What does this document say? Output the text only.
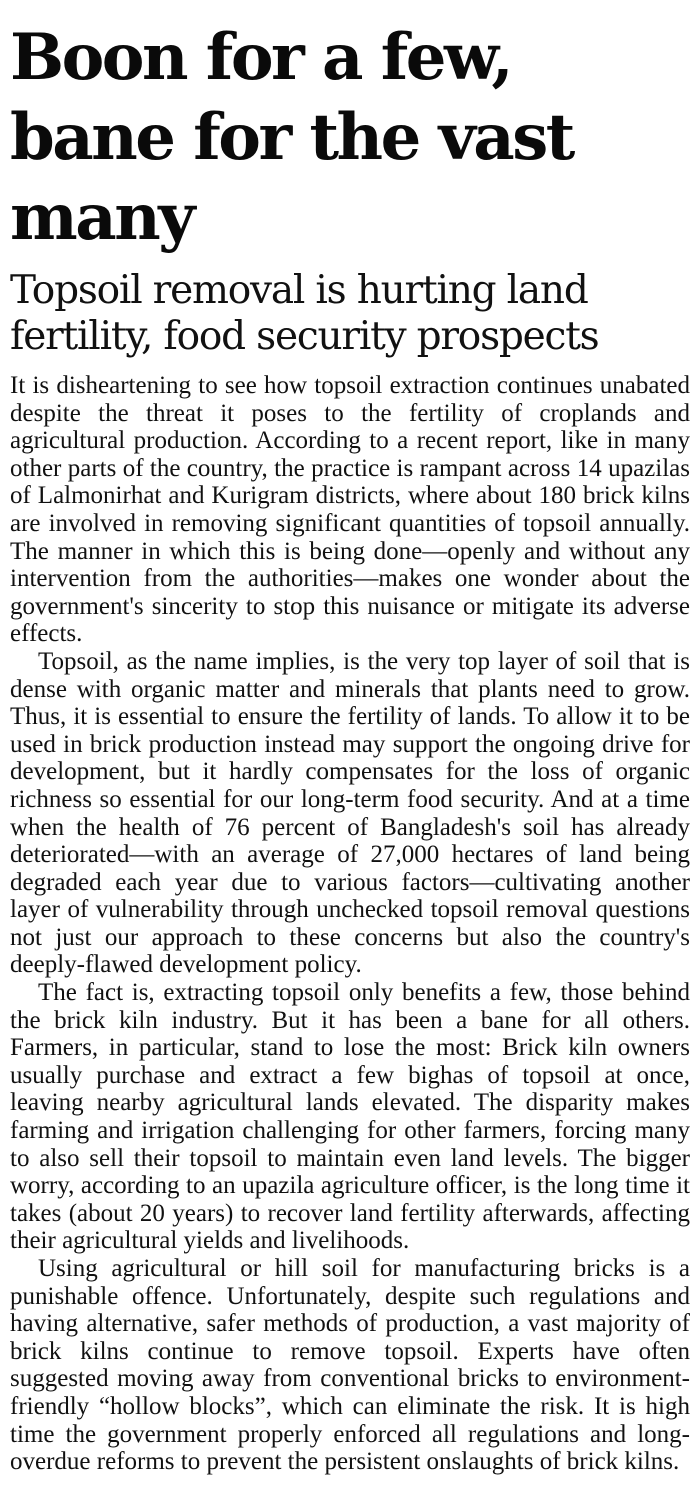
Boon for a few, bane for the vast many
Topsoil removal is hurting land fertility, food security prospects

It is disheartening to see how topsoil extraction continues unabated despite the threat it poses to the fertility of croplands and agricultural production. According to a recent report, like in many other parts of the country, the practice is rampant across 14 upazilas of Lalmonirhat and Kurigram districts, where about 180 brick kilns are involved in removing significant quantities of topsoil annually. The manner in which this is being done—openly and without any intervention from the authorities—makes one wonder about the government's sincerity to stop this nuisance or mitigate its adverse effects.

Topsoil, as the name implies, is the very top layer of soil that is dense with organic matter and minerals that plants need to grow. Thus, it is essential to ensure the fertility of lands. To allow it to be used in brick production instead may support the ongoing drive for development, but it hardly compensates for the loss of organic richness so essential for our long-term food security. And at a time when the health of 76 percent of Bangladesh's soil has already deteriorated—with an average of 27,000 hectares of land being degraded each year due to various factors—cultivating another layer of vulnerability through unchecked topsoil removal questions not just our approach to these concerns but also the country's deeply-flawed development policy.

The fact is, extracting topsoil only benefits a few, those behind the brick kiln industry. But it has been a bane for all others. Farmers, in particular, stand to lose the most: Brick kiln owners usually purchase and extract a few bighas of topsoil at once, leaving nearby agricultural lands elevated. The disparity makes farming and irrigation challenging for other farmers, forcing many to also sell their topsoil to maintain even land levels. The bigger worry, according to an upazila agriculture officer, is the long time it takes (about 20 years) to recover land fertility afterwards, affecting their agricultural yields and livelihoods.

Using agricultural or hill soil for manufacturing bricks is a punishable offence. Unfortunately, despite such regulations and having alternative, safer methods of production, a vast majority of brick kilns continue to remove topsoil. Experts have often suggested moving away from conventional bricks to environment-friendly “hollow blocks”, which can eliminate the risk. It is high time the government properly enforced all regulations and long-overdue reforms to prevent the persistent onslaughts of brick kilns.
